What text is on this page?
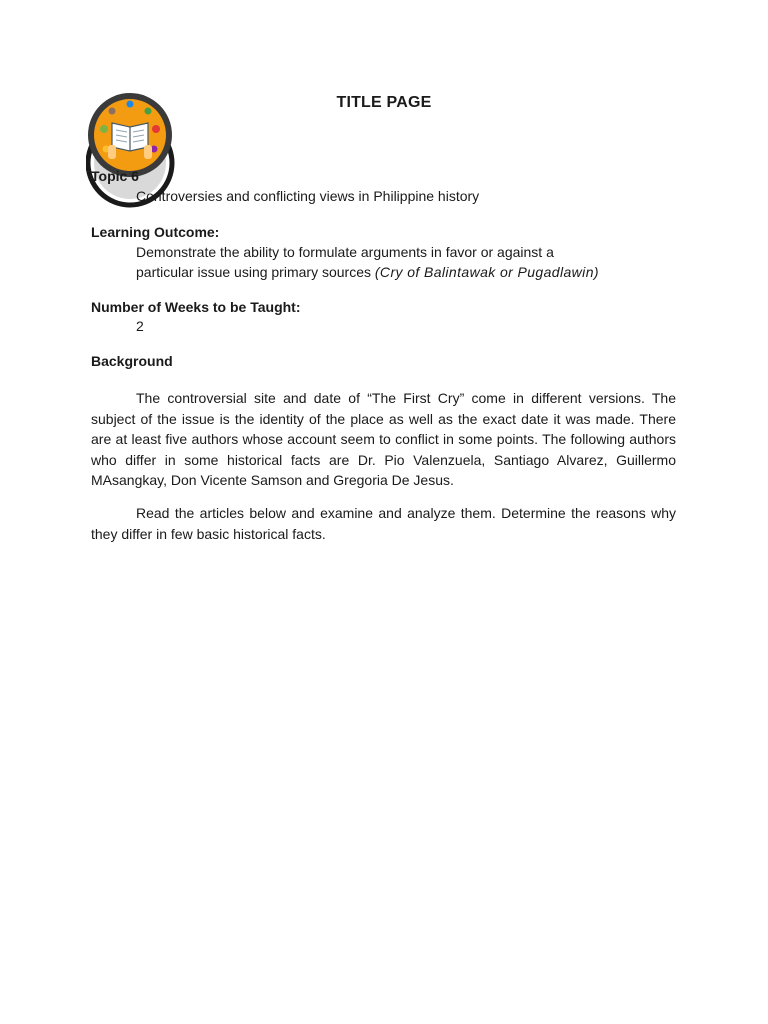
TITLE PAGE
Topic 6
Controversies and conflicting views in Philippine history
Learning Outcome:
Demonstrate the ability to formulate arguments in favor or against a
particular issue using primary sources (Cry of Balintawak or Pugadlawin)
Number of Weeks to be Taught:
2
Background

The controversial site and date of “The First Cry” come in different versions. The subject of the issue is the identity of the place as well as the exact date it was made. There are at least five authors whose account seem to conflict in some points. The following authors who differ in some historical facts are Dr. Pio Valenzuela, Santiago Alvarez, Guillermo MAsangkay, Don Vicente Samson and Gregoria De Jesus.

Read the articles below and examine and analyze them. Determine the reasons why they differ in few basic historical facts.
